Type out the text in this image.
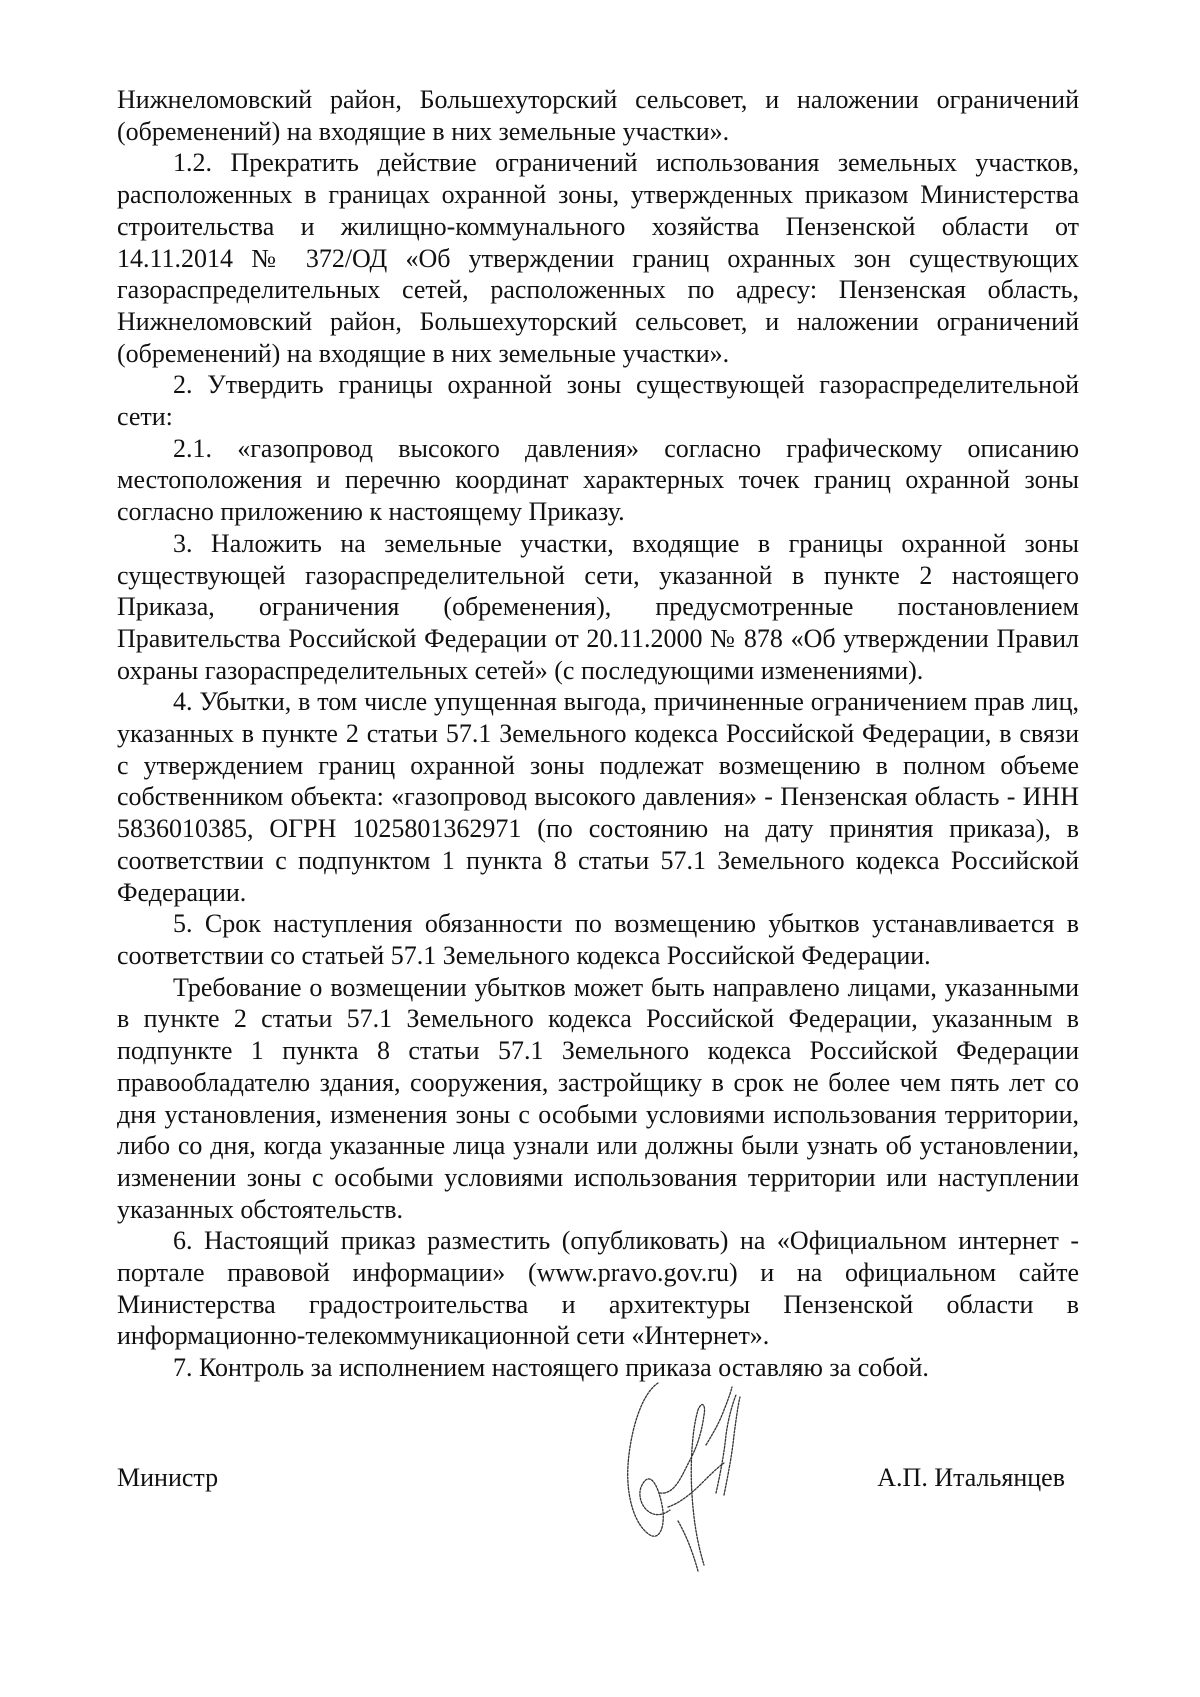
Нижнеломовский район, Большехуторский сельсовет, и наложении ограничений (обременений) на входящие в них земельные участки».

1.2. Прекратить действие ограничений использования земельных участков, расположенных в границах охранной зоны, утвержденных приказом Министерства строительства и жилищно-коммунального хозяйства Пензенской области от 14.11.2014 № 372/ОД «Об утверждении границ охранных зон существующих газораспределительных сетей, расположенных по адресу: Пензенская область, Нижнеломовский район, Большехуторский сельсовет, и наложении ограничений (обременений) на входящие в них земельные участки».

2. Утвердить границы охранной зоны существующей газораспределительной сети:

2.1. «газопровод высокого давления» согласно графическому описанию местоположения и перечню координат характерных точек границ охранной зоны согласно приложению к настоящему Приказу.

3. Наложить на земельные участки, входящие в границы охранной зоны существующей газораспределительной сети, указанной в пункте 2 настоящего Приказа, ограничения (обременения), предусмотренные постановлением Правительства Российской Федерации от 20.11.2000 № 878 «Об утверждении Правил охраны газораспределительных сетей» (с последующими изменениями).

4. Убытки, в том числе упущенная выгода, причиненные ограничением прав лиц, указанных в пункте 2 статьи 57.1 Земельного кодекса Российской Федерации, в связи с утверждением границ охранной зоны подлежат возмещению в полном объеме собственником объекта: «газопровод высокого давления» - Пензенская область - ИНН 5836010385, ОГРН 1025801362971 (по состоянию на дату принятия приказа), в соответствии с подпунктом 1 пункта 8 статьи 57.1 Земельного кодекса Российской Федерации.

5. Срок наступления обязанности по возмещению убытков устанавливается в соответствии со статьей 57.1 Земельного кодекса Российской Федерации.

Требование о возмещении убытков может быть направлено лицами, указанными в пункте 2 статьи 57.1 Земельного кодекса Российской Федерации, указанным в подпункте 1 пункта 8 статьи 57.1 Земельного кодекса Российской Федерации правообладателю здания, сооружения, застройщику в срок не более чем пять лет со дня установления, изменения зоны с особыми условиями использования территории, либо со дня, когда указанные лица узнали или должны были узнать об установлении, изменении зоны с особыми условиями использования территории или наступлении указанных обстоятельств.

6. Настоящий приказ разместить (опубликовать) на «Официальном интернет - портале правовой информации» (www.pravo.gov.ru) и на официальном сайте Министерства градостроительства и архитектуры Пензенской области в информационно-телекоммуникационной сети «Интернет».

7. Контроль за исполнением настоящего приказа оставляю за собой.

Министр	А.П. Итальянцев
